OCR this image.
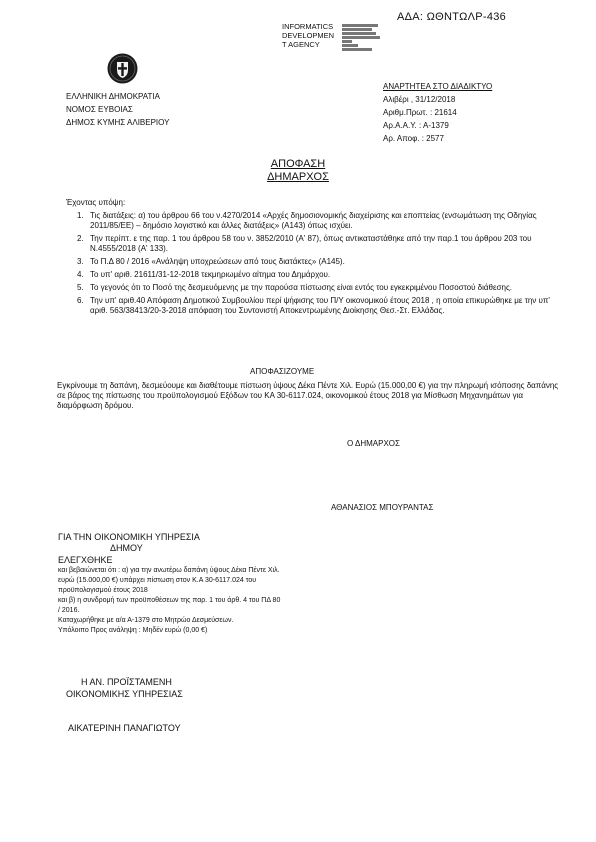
ΑΔΑ: ΩΘΝΤΩΛΡ-436
INFORMATICS
DEVELOPMEN
T AGENCY
ΕΛΛΗΝΙΚΗ ΔΗΜΟΚΡΑΤΙΑ
ΝΟΜΟΣ ΕΥΒΟΙΑΣ
ΔΗΜΟΣ ΚΥΜΗΣ ΑΛΙΒΕΡΙΟΥ
ΑΝΑΡΤΗΤΕΑ ΣΤΟ ΔΙΑΔΙΚΤΥΟ
Αλιβέρι , 31/12/2018
Αριθμ.Πρωτ. : 21614
Αρ.Α.Α.Υ. : Α-1379
Αρ. Αποφ. : 2577
ΑΠΟΦΑΣΗ
ΔΗΜΑΡΧΟΣ
Έχοντας υπόψη:
1. Τις διατάξεις: α) του άρθρου 66 του ν.4270/2014 «Αρχές δημοσιονομικής διαχείρισης και εποπτείας (ενσωμάτωση της Οδηγίας 2011/85/ΕΕ) – δημόσιο λογιστικό και άλλες διατάξεις» (Α143) όπως ισχύει.
2. Την περίπτ. ε της παρ. 1 του άρθρου 58 του ν. 3852/2010 (Α' 87), όπως αντικαταστάθηκε από την παρ.1 του άρθρου 203 του Ν.4555/2018 (Α' 133).
3. Το Π.Δ 80 / 2016 «Ανάληψη υποχρεώσεων από τους διατάκτες» (Α145).
4. Το υπ' αριθ. 21611/31-12-2018 τεκμηριωμένο αίτημα του Δημάρχου.
5. Το γεγονός ότι το Ποσό της δεσμευόμενης με την παρούσα πίστωσης είναι εντός του εγκεκριμένου Ποσοστού διάθεσης.
6. Την υπ' αριθ.40 Απόφαση Δημοτικού Συμβουλίου περί ψήφισης του Π/Υ οικονομικού έτους 2018 , η οποία επικυρώθηκε με την υπ' αριθ. 563/38413/20-3-2018 απόφαση του Συντονιστή Αποκεντρωμένης Διοίκησης Θεσ.-Στ. Ελλάδας.
ΑΠΟΦΑΣΙΖΟΥΜΕ
Εγκρίνουμε τη δαπάνη, δεσμεύουμε και διαθέτουμε πίστωση ύψους Δέκα Πέντε Χιλ. Ευρώ (15.000,00 €) για την πληρωμή ισόποσης δαπάνης σε βάρος της πίστωσης του προϋπολογισμού Εξόδων του ΚΑ 30-6117.024, οικονομικού έτους 2018 για Μίσθωση Μηχανημάτων για διαμόρφωση δρόμου.
Ο ΔΗΜΑΡΧΟΣ
ΑΘΑΝΑΣΙΟΣ ΜΠΟΥΡΑΝΤΑΣ
ΓΙΑ ΤΗΝ ΟΙΚΟΝΟΜΙΚΗ ΥΠΗΡΕΣΙΑ
ΔΗΜΟΥ
ΕΛΕΓΧΘΗΚΕ
και βεβαιώνεται ότι : α) για την ανωτέρω δαπάνη ύψους Δέκα Πέντε Χιλ.
ευρώ (15.000,00 €) υπάρχει πίστωση στον Κ.Α 30-6117.024 του
προϋπολογισμού έτους 2018
και β) η συνδρομή των προϋποθέσεων της παρ. 1 του άρθ. 4 του ΠΔ 80
/ 2016.
Καταχωρήθηκε με α/α Α-1379 στο Μητρώο Δεσμεύσεων.
Υπόλοιπο Προς ανάληψη : Μηδέν ευρώ (0,00 €)
Η ΑΝ. ΠΡΟΪΣΤΑΜΕΝΗ
ΟΙΚΟΝΟΜΙΚΗΣ ΥΠΗΡΕΣΙΑΣ
ΑΙΚΑΤΕΡΙΝΗ ΠΑΝΑΓΙΩΤΟΥ
